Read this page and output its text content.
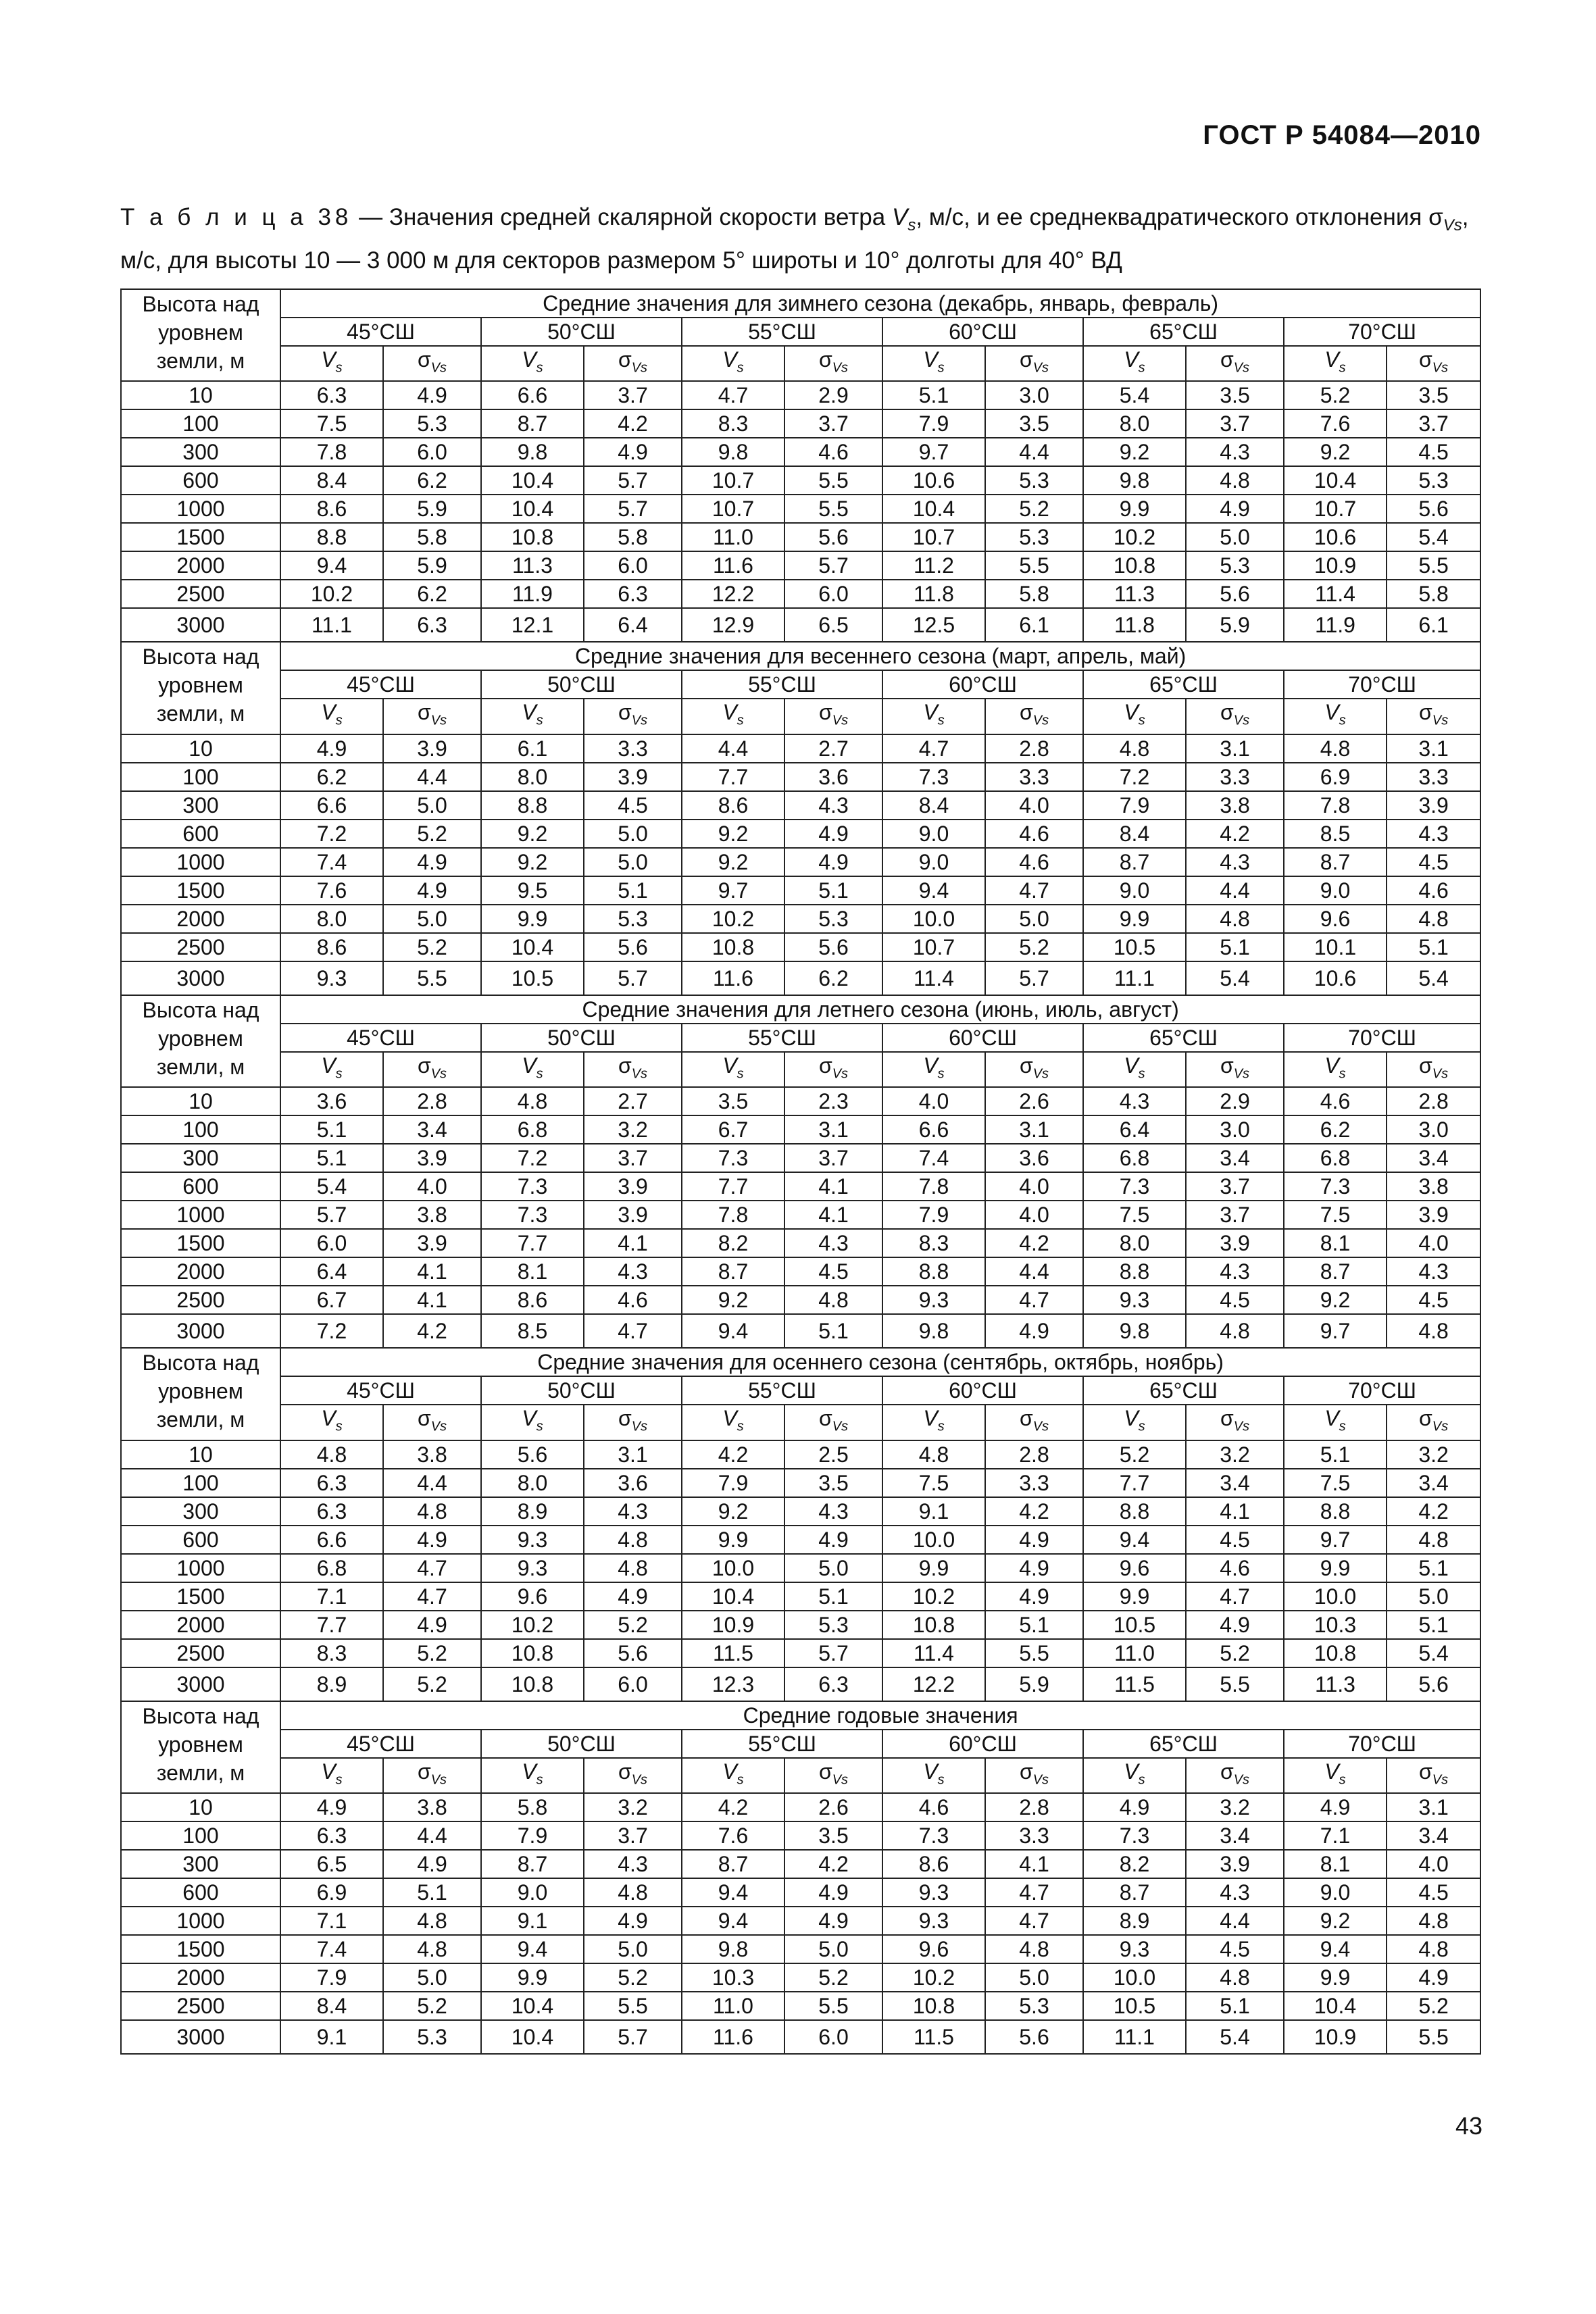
ГОСТ Р 54084—2010
Т а б л и ц а 38 — Значения средней скалярной скорости ветра $V_s$, м/с, и ее среднеквадратического отклонения $\sigma_{Vs}$, м/с, для высоты 10 — 3 000 м для секторов размером 5° широты и 10° долготы для 40° ВД
Высота над уровнем земли, м	Средние значения для зимнего сезона (декабрь, январь, февраль)											
	45°СШ		50°СШ		55°СШ		60°СШ		65°СШ		70°СШ	
	$V_s$	$\sigma_{Vs}$	$V_s$	$\sigma_{Vs}$	$V_s$	$\sigma_{Vs}$	$V_s$	$\sigma_{Vs}$	$V_s$	$\sigma_{Vs}$	$V_s$	$\sigma_{Vs}$
10	6.3	4.9	6.6	3.7	4.7	2.9	5.1	3.0	5.4	3.5	5.2	3.5
100	7.5	5.3	8.7	4.2	8.3	3.7	7.9	3.5	8.0	3.7	7.6	3.7
300	7.8	6.0	9.8	4.9	9.8	4.6	9.7	4.4	9.2	4.3	9.2	4.5
600	8.4	6.2	10.4	5.7	10.7	5.5	10.6	5.3	9.8	4.8	10.4	5.3
1000	8.6	5.9	10.4	5.7	10.7	5.5	10.4	5.2	9.9	4.9	10.7	5.6
1500	8.8	5.8	10.8	5.8	11.0	5.6	10.7	5.3	10.2	5.0	10.6	5.4
2000	9.4	5.9	11.3	6.0	11.6	5.7	11.2	5.5	10.8	5.3	10.9	5.5
2500	10.2	6.2	11.9	6.3	12.2	6.0	11.8	5.8	11.3	5.6	11.4	5.8
3000	11.1	6.3	12.1	6.4	12.9	6.5	12.5	6.1	11.8	5.9	11.9	6.1
Высота над уровнем земли, м	Средние значения для весеннего сезона (март, апрель, май)											
	45°СШ		50°СШ		55°СШ		60°СШ		65°СШ		70°СШ	
	$V_s$	$\sigma_{Vs}$	$V_s$	$\sigma_{Vs}$	$V_s$	$\sigma_{Vs}$	$V_s$	$\sigma_{Vs}$	$V_s$	$\sigma_{Vs}$	$V_s$	$\sigma_{Vs}$
10	4.9	3.9	6.1	3.3	4.4	2.7	4.7	2.8	4.8	3.1	4.8	3.1
100	6.2	4.4	8.0	3.9	7.7	3.6	7.3	3.3	7.2	3.3	6.9	3.3
300	6.6	5.0	8.8	4.5	8.6	4.3	8.4	4.0	7.9	3.8	7.8	3.9
600	7.2	5.2	9.2	5.0	9.2	4.9	9.0	4.6	8.4	4.2	8.5	4.3
1000	7.4	4.9	9.2	5.0	9.2	4.9	9.0	4.6	8.7	4.3	8.7	4.5
1500	7.6	4.9	9.5	5.1	9.7	5.1	9.4	4.7	9.0	4.4	9.0	4.6
2000	8.0	5.0	9.9	5.3	10.2	5.3	10.0	5.0	9.9	4.8	9.6	4.8
2500	8.6	5.2	10.4	5.6	10.8	5.6	10.7	5.2	10.5	5.1	10.1	5.1
3000	9.3	5.5	10.5	5.7	11.6	6.2	11.4	5.7	11.1	5.4	10.6	5.4
Высота над уровнем земли, м	Средние значения для летнего сезона (июнь, июль, август)											
	45°СШ		50°СШ		55°СШ		60°СШ		65°СШ		70°СШ	
	$V_s$	$\sigma_{Vs}$	$V_s$	$\sigma_{Vs}$	$V_s$	$\sigma_{Vs}$	$V_s$	$\sigma_{Vs}$	$V_s$	$\sigma_{Vs}$	$V_s$	$\sigma_{Vs}$
10	3.6	2.8	4.8	2.7	3.5	2.3	4.0	2.6	4.3	2.9	4.6	2.8
100	5.1	3.4	6.8	3.2	6.7	3.1	6.6	3.1	6.4	3.0	6.2	3.0
300	5.1	3.9	7.2	3.7	7.3	3.7	7.4	3.6	6.8	3.4	6.8	3.4
600	5.4	4.0	7.3	3.9	7.7	4.1	7.8	4.0	7.3	3.7	7.3	3.8
1000	5.7	3.8	7.3	3.9	7.8	4.1	7.9	4.0	7.5	3.7	7.5	3.9
1500	6.0	3.9	7.7	4.1	8.2	4.3	8.3	4.2	8.0	3.9	8.1	4.0
2000	6.4	4.1	8.1	4.3	8.7	4.5	8.8	4.4	8.8	4.3	8.7	4.3
2500	6.7	4.1	8.6	4.6	9.2	4.8	9.3	4.7	9.3	4.5	9.2	4.5
3000	7.2	4.2	8.5	4.7	9.4	5.1	9.8	4.9	9.8	4.8	9.7	4.8
Высота над уровнем земли, м	Средние значения для осеннего сезона (сентябрь, октябрь, ноябрь)											
	45°СШ		50°СШ		55°СШ		60°СШ		65°СШ		70°СШ	
	$V_s$	$\sigma_{Vs}$	$V_s$	$\sigma_{Vs}$	$V_s$	$\sigma_{Vs}$	$V_s$	$\sigma_{Vs}$	$V_s$	$\sigma_{Vs}$	$V_s$	$\sigma_{Vs}$
10	4.8	3.8	5.6	3.1	4.2	2.5	4.8	2.8	5.2	3.2	5.1	3.2
100	6.3	4.4	8.0	3.6	7.9	3.5	7.5	3.3	7.7	3.4	7.5	3.4
300	6.3	4.8	8.9	4.3	9.2	4.3	9.1	4.2	8.8	4.1	8.8	4.2
600	6.6	4.9	9.3	4.8	9.9	4.9	10.0	4.9	9.4	4.5	9.7	4.8
1000	6.8	4.7	9.3	4.8	10.0	5.0	9.9	4.9	9.6	4.6	9.9	5.1
1500	7.1	4.7	9.6	4.9	10.4	5.1	10.2	4.9	9.9	4.7	10.0	5.0
2000	7.7	4.9	10.2	5.2	10.9	5.3	10.8	5.1	10.5	4.9	10.3	5.1
2500	8.3	5.2	10.8	5.6	11.5	5.7	11.4	5.5	11.0	5.2	10.8	5.4
3000	8.9	5.2	10.8	6.0	12.3	6.3	12.2	5.9	11.5	5.5	11.3	5.6
Высота над уровнем земли, м	Средние годовые значения											
	45°СШ		50°СШ		55°СШ		60°СШ		65°СШ		70°СШ	
	$V_s$	$\sigma_{Vs}$	$V_s$	$\sigma_{Vs}$	$V_s$	$\sigma_{Vs}$	$V_s$	$\sigma_{Vs}$	$V_s$	$\sigma_{Vs}$	$V_s$	$\sigma_{Vs}$
10	4.9	3.8	5.8	3.2	4.2	2.6	4.6	2.8	4.9	3.2	4.9	3.1
100	6.3	4.4	7.9	3.7	7.6	3.5	7.3	3.3	7.3	3.4	7.1	3.4
300	6.5	4.9	8.7	4.3	8.7	4.2	8.6	4.1	8.2	3.9	8.1	4.0
600	6.9	5.1	9.0	4.8	9.4	4.9	9.3	4.7	8.7	4.3	9.0	4.5
1000	7.1	4.8	9.1	4.9	9.4	4.9	9.3	4.7	8.9	4.4	9.2	4.8
1500	7.4	4.8	9.4	5.0	9.8	5.0	9.6	4.8	9.3	4.5	9.4	4.8
2000	7.9	5.0	9.9	5.2	10.3	5.2	10.2	5.0	10.0	4.8	9.9	4.9
2500	8.4	5.2	10.4	5.5	11.0	5.5	10.8	5.3	10.5	5.1	10.4	5.2
3000	9.1	5.3	10.4	5.7	11.6	6.0	11.5	5.6	11.1	5.4	10.9	5.5
43
